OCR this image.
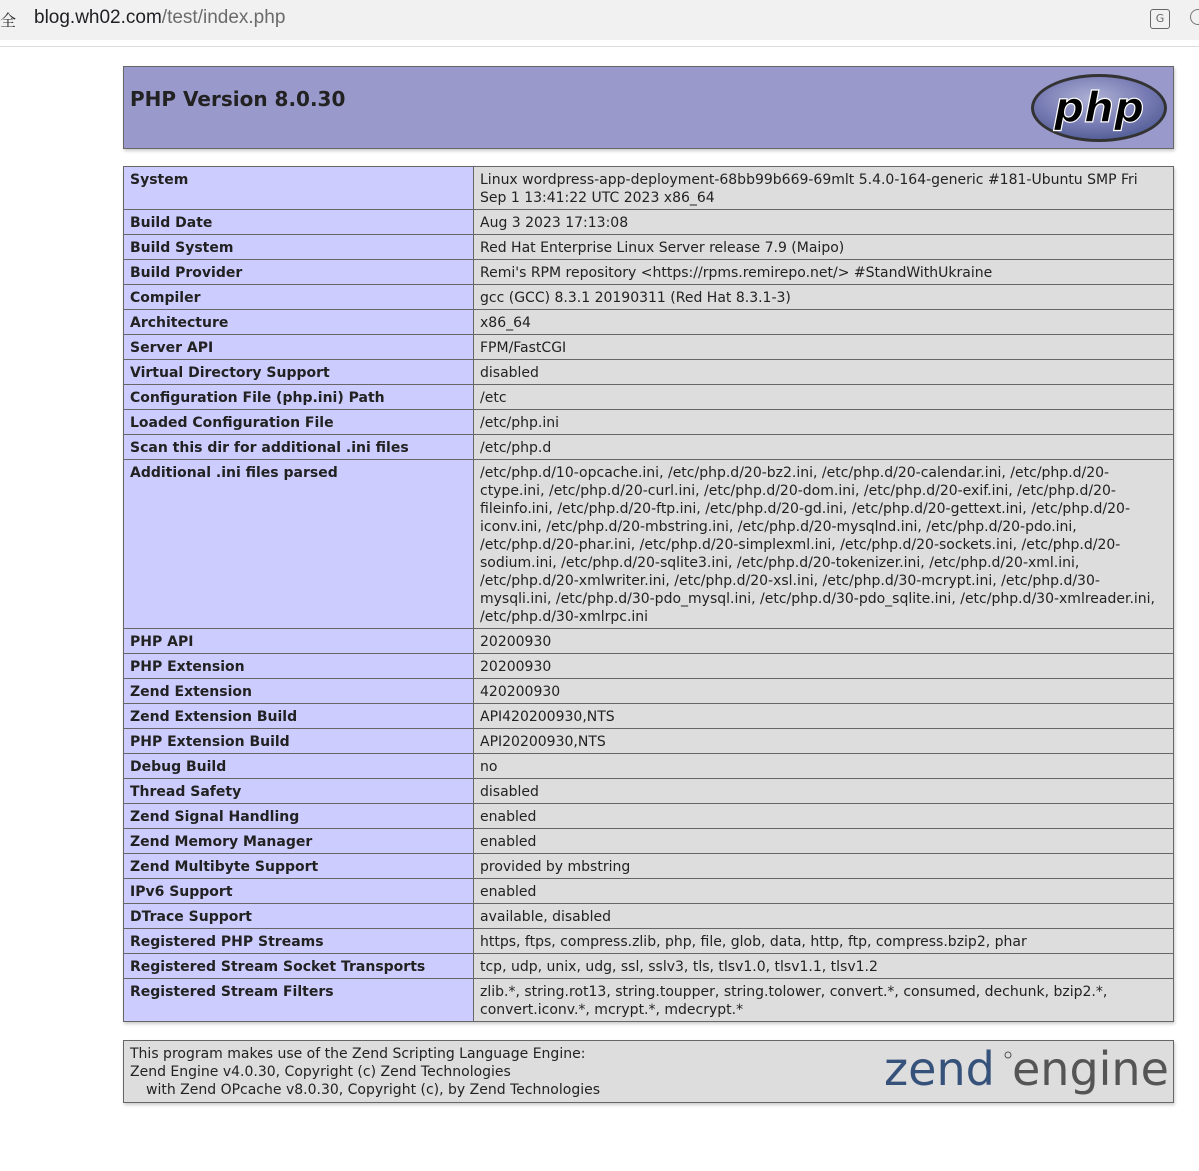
全 blog.wh02.com/test/index.php	G
PHP Version 8.0.30	php
System	Linux wordpress-app-deployment-68bb99b669-69mlt 5.4.0-164-generic #181-Ubuntu SMP Fri Sep 1 13:41:22 UTC 2023 x86_64
Build Date	Aug 3 2023 17:13:08
Build System	Red Hat Enterprise Linux Server release 7.9 (Maipo)
Build Provider	Remi's RPM repository <https://rpms.remirepo.net/> #StandWithUkraine
Compiler	gcc (GCC) 8.3.1 20190311 (Red Hat 8.3.1-3)
Architecture	x86_64
Server API	FPM/FastCGI
Virtual Directory Support	disabled
Configuration File (php.ini) Path	/etc
Loaded Configuration File	/etc/php.ini
Scan this dir for additional .ini files	/etc/php.d
Additional .ini files parsed	/etc/php.d/10-opcache.ini, /etc/php.d/20-bz2.ini, /etc/php.d/20-calendar.ini, /etc/php.d/20-ctype.ini, /etc/php.d/20-curl.ini, /etc/php.d/20-dom.ini, /etc/php.d/20-exif.ini, /etc/php.d/20-fileinfo.ini, /etc/php.d/20-ftp.ini, /etc/php.d/20-gd.ini, /etc/php.d/20-gettext.ini, /etc/php.d/20-iconv.ini, /etc/php.d/20-mbstring.ini, /etc/php.d/20-mysqlnd.ini, /etc/php.d/20-pdo.ini, /etc/php.d/20-phar.ini, /etc/php.d/20-simplexml.ini, /etc/php.d/20-sockets.ini, /etc/php.d/20-sodium.ini, /etc/php.d/20-sqlite3.ini, /etc/php.d/20-tokenizer.ini, /etc/php.d/20-xml.ini, /etc/php.d/20-xmlwriter.ini, /etc/php.d/20-xsl.ini, /etc/php.d/30-mcrypt.ini, /etc/php.d/30-mysqli.ini, /etc/php.d/30-pdo_mysql.ini, /etc/php.d/30-pdo_sqlite.ini, /etc/php.d/30-xmlreader.ini, /etc/php.d/30-xmlrpc.ini
PHP API	20200930
PHP Extension	20200930
Zend Extension	420200930
Zend Extension Build	API420200930,NTS
PHP Extension Build	API20200930,NTS
Debug Build	no
Thread Safety	disabled
Zend Signal Handling	enabled
Zend Memory Manager	enabled
Zend Multibyte Support	provided by mbstring
IPv6 Support	enabled
DTrace Support	available, disabled
Registered PHP Streams	https, ftps, compress.zlib, php, file, glob, data, http, ftp, compress.bzip2, phar
Registered Stream Socket Transports	tcp, udp, unix, udg, ssl, sslv3, tls, tlsv1.0, tlsv1.1, tlsv1.2
Registered Stream Filters	zlib.*, string.rot13, string.toupper, string.tolower, convert.*, consumed, dechunk, bzip2.*, convert.iconv.*, mcrypt.*, mdecrypt.*
This program makes use of the Zend Scripting Language Engine:
Zend Engine v4.0.30, Copyright (c) Zend Technologies
with Zend OPcache v8.0.30, Copyright (c), by Zend Technologies	zend engine
